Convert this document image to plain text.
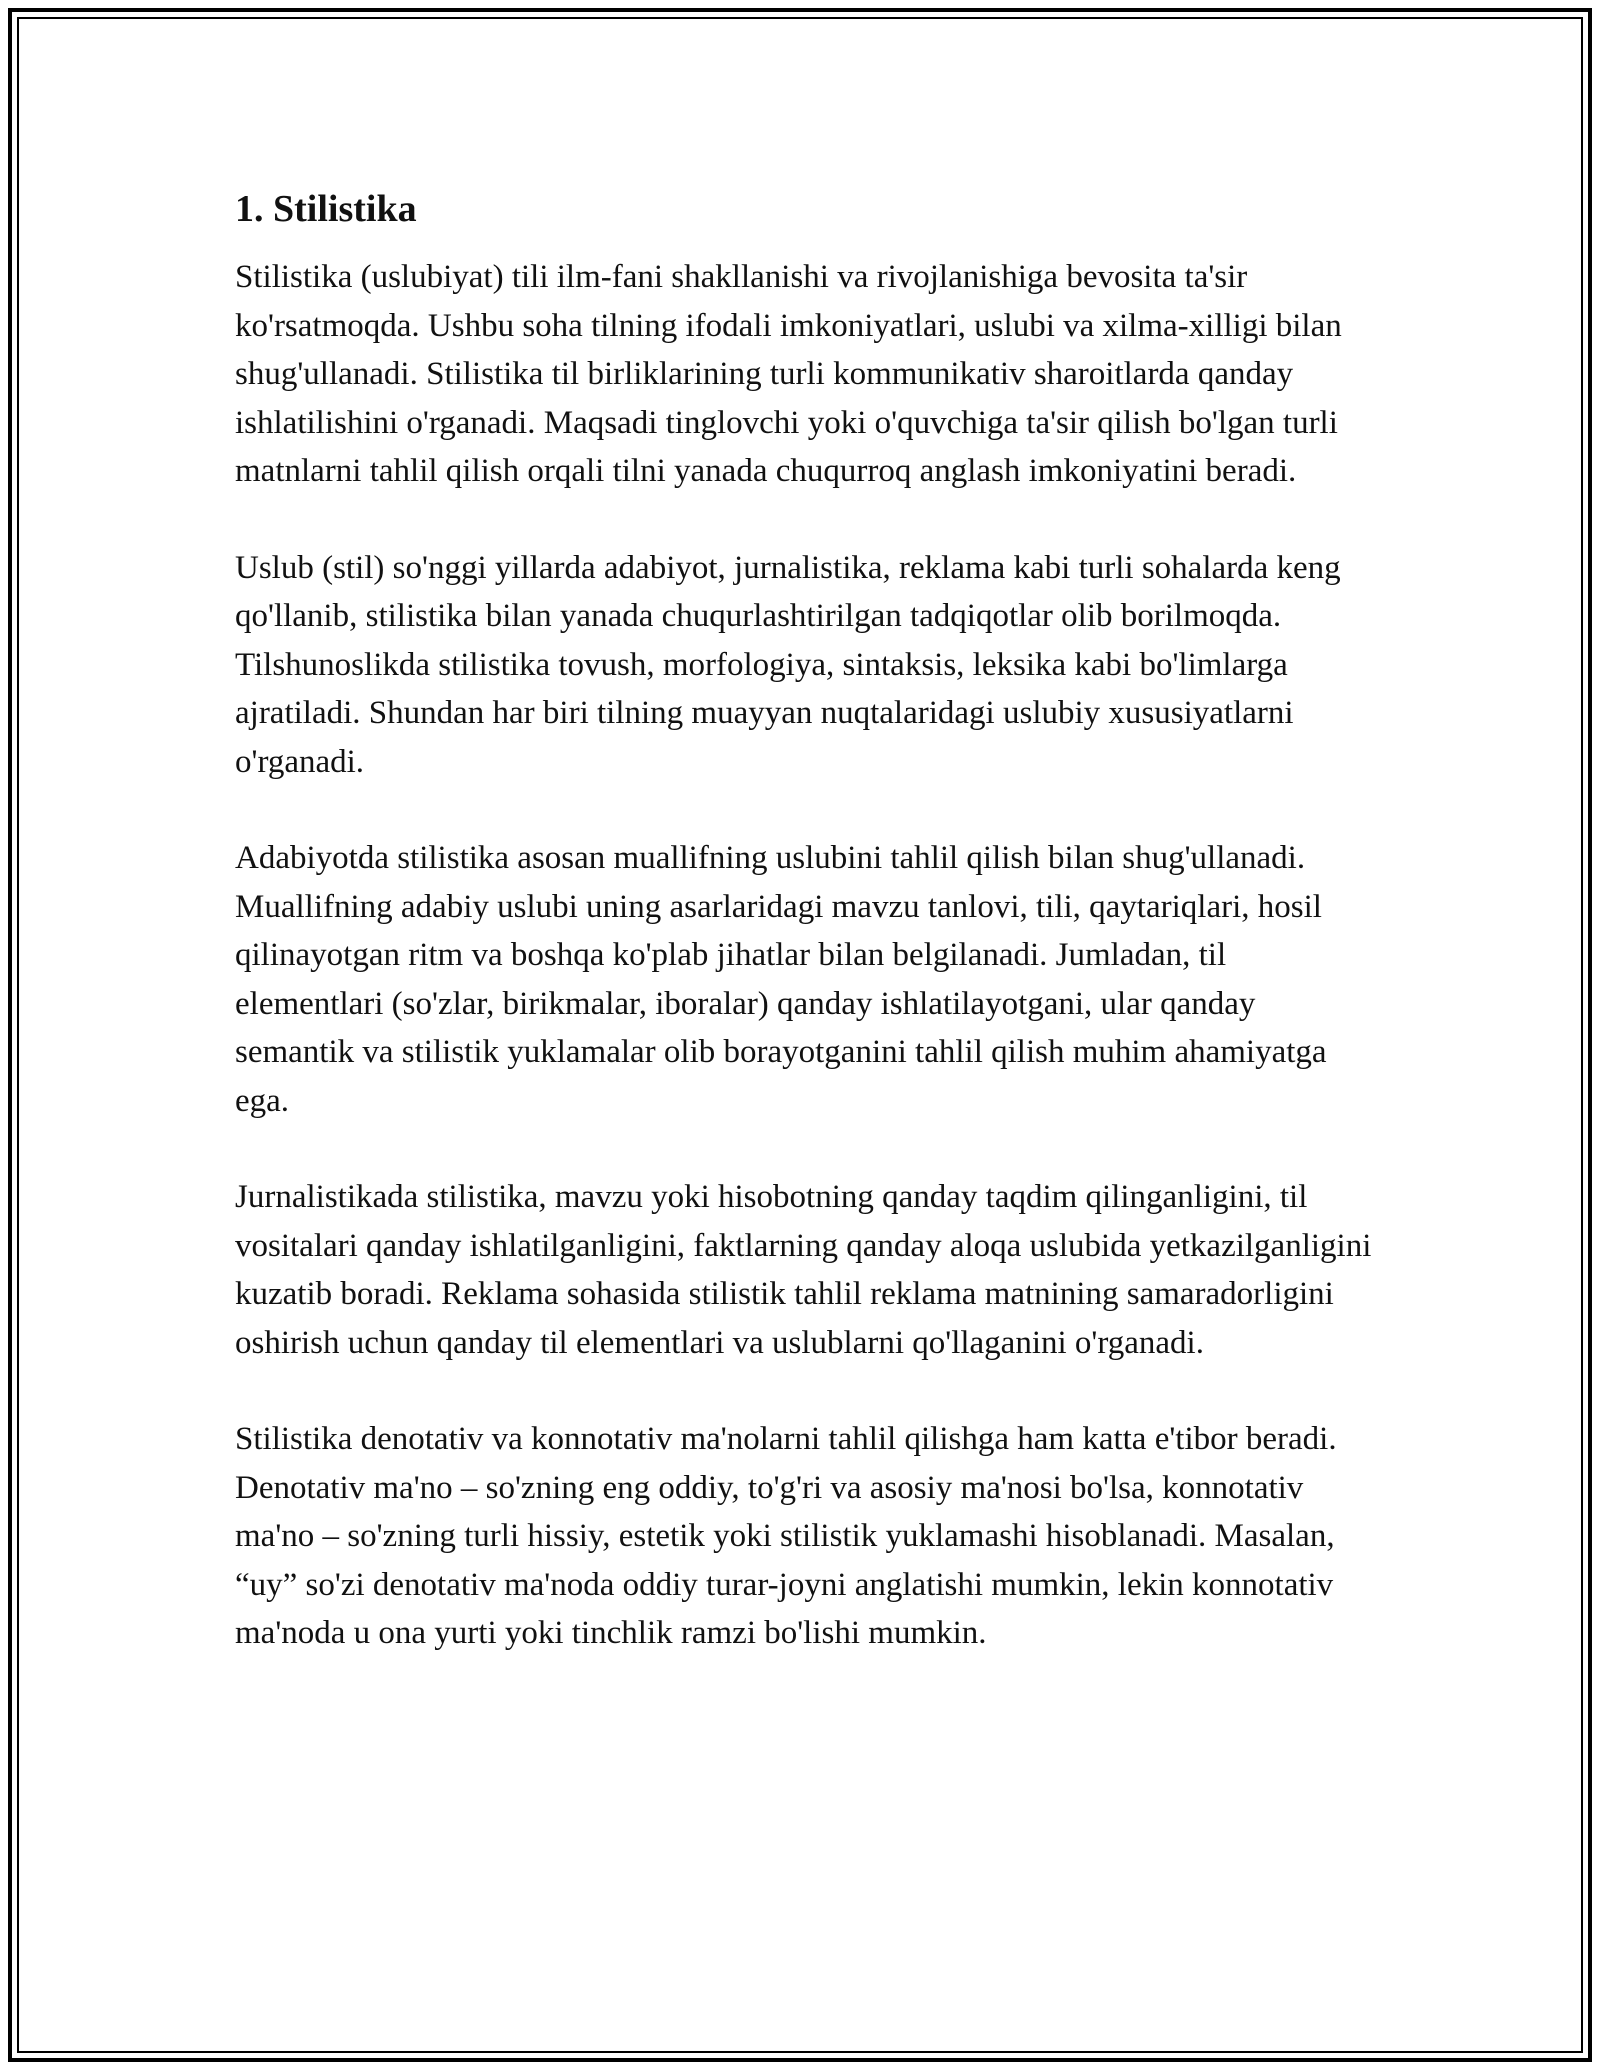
1. Stilistika

Stilistika (uslubiyat) tili ilm-fani shakllanishi va rivojlanishiga bevosita ta'sir ko'rsatmoqda. Ushbu soha tilning ifodali imkoniyatlari, uslubi va xilma-xilligi bilan shug'ullanadi. Stilistika til birliklarining turli kommunikativ sharoitlarda qanday ishlatilishini o'rganadi. Maqsadi tinglovchi yoki o'quvchiga ta'sir qilish bo'lgan turli matnlarni tahlil qilish orqali tilni yanada chuqurroq anglash imkoniyatini beradi.

Uslub (stil) so'nggi yillarda adabiyot, jurnalistika, reklama kabi turli sohalarda keng qo'llanib, stilistika bilan yanada chuqurlashtirilgan tadqiqotlar olib borilmoqda. Tilshunoslikda stilistika tovush, morfologiya, sintaksis, leksika kabi bo'limlarga ajratiladi. Shundan har biri tilning muayyan nuqtalaridagi uslubiy xususiyatlarni o'rganadi.

Adabiyotda stilistika asosan muallifning uslubini tahlil qilish bilan shug'ullanadi. Muallifning adabiy uslubi uning asarlaridagi mavzu tanlovi, tili, qaytariqlari, hosil qilinayotgan ritm va boshqa ko'plab jihatlar bilan belgilanadi. Jumladan, til elementlari (so'zlar, birikmalar, iboralar) qanday ishlatilayotgani, ular qanday semantik va stilistik yuklamalar olib borayotganini tahlil qilish muhim ahamiyatga ega.

Jurnalistikada stilistika, mavzu yoki hisobotning qanday taqdim qilinganligini, til vositalari qanday ishlatilganligini, faktlarning qanday aloqa uslubida yetkazilganligini kuzatib boradi. Reklama sohasida stilistik tahlil reklama matnining samaradorligini oshirish uchun qanday til elementlari va uslublarni qo'llaganini o'rganadi.

Stilistika denotativ va konnotativ ma'nolarni tahlil qilishga ham katta e'tibor beradi. Denotativ ma'no – so'zning eng oddiy, to'g'ri va asosiy ma'nosi bo'lsa, konnotativ ma'no – so'zning turli hissiy, estetik yoki stilistik yuklamashi hisoblanadi. Masalan, “uy” so'zi denotativ ma'noda oddiy turar-joyni anglatishi mumkin, lekin konnotativ ma'noda u ona yurti yoki tinchlik ramzi bo'lishi mumkin.
